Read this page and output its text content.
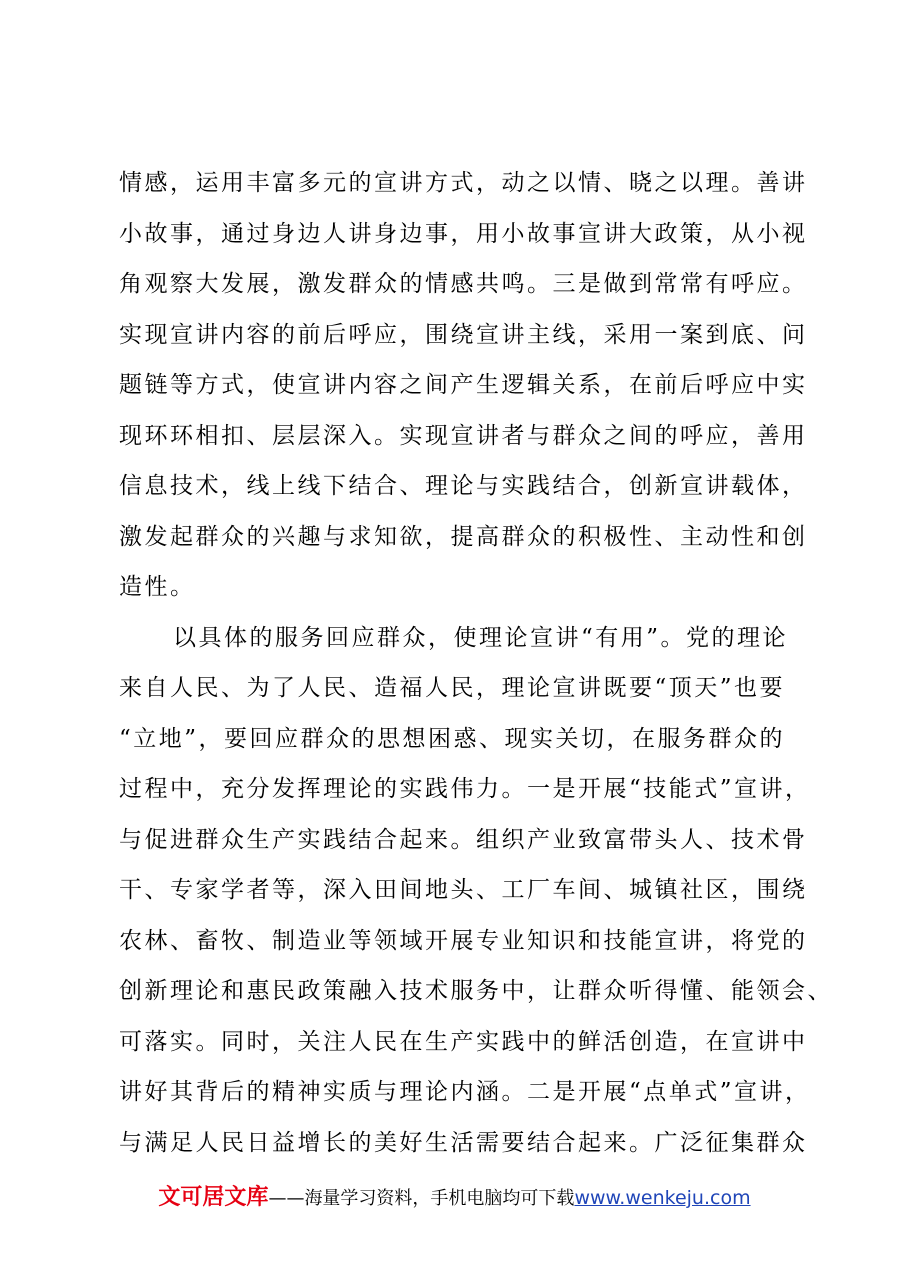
情感，运用丰富多元的宣讲方式，动之以情、晓之以理。善讲
小故事，通过身边人讲身边事，用小故事宣讲大政策，从小视
角观察大发展，激发群众的情感共鸣。三是做到常常有呼应。
实现宣讲内容的前后呼应，围绕宣讲主线，采用一案到底、问
题链等方式，使宣讲内容之间产生逻辑关系，在前后呼应中实
现环环相扣、层层深入。实现宣讲者与群众之间的呼应，善用
信息技术，线上线下结合、理论与实践结合，创新宣讲载体，
激发起群众的兴趣与求知欲，提高群众的积极性、主动性和创
造性。
以具体的服务回应群众，使理论宣讲“有用”。党的理论
来自人民、为了人民、造福人民，理论宣讲既要“顶天”也要
“立地”，要回应群众的思想困惑、现实关切，在服务群众的
过程中，充分发挥理论的实践伟力。一是开展“技能式”宣讲，
与促进群众生产实践结合起来。组织产业致富带头人、技术骨
干、专家学者等，深入田间地头、工厂车间、城镇社区，围绕
农林、畜牧、制造业等领域开展专业知识和技能宣讲，将党的
创新理论和惠民政策融入技术服务中，让群众听得懂、能领会、
可落实。同时，关注人民在生产实践中的鲜活创造，在宣讲中
讲好其背后的精神实质与理论内涵。二是开展“点单式”宣讲，
与满足人民日益增长的美好生活需要结合起来。广泛征集群众
文可居文库——海量学习资料，手机电脑均可下载www.wenkeju.com
